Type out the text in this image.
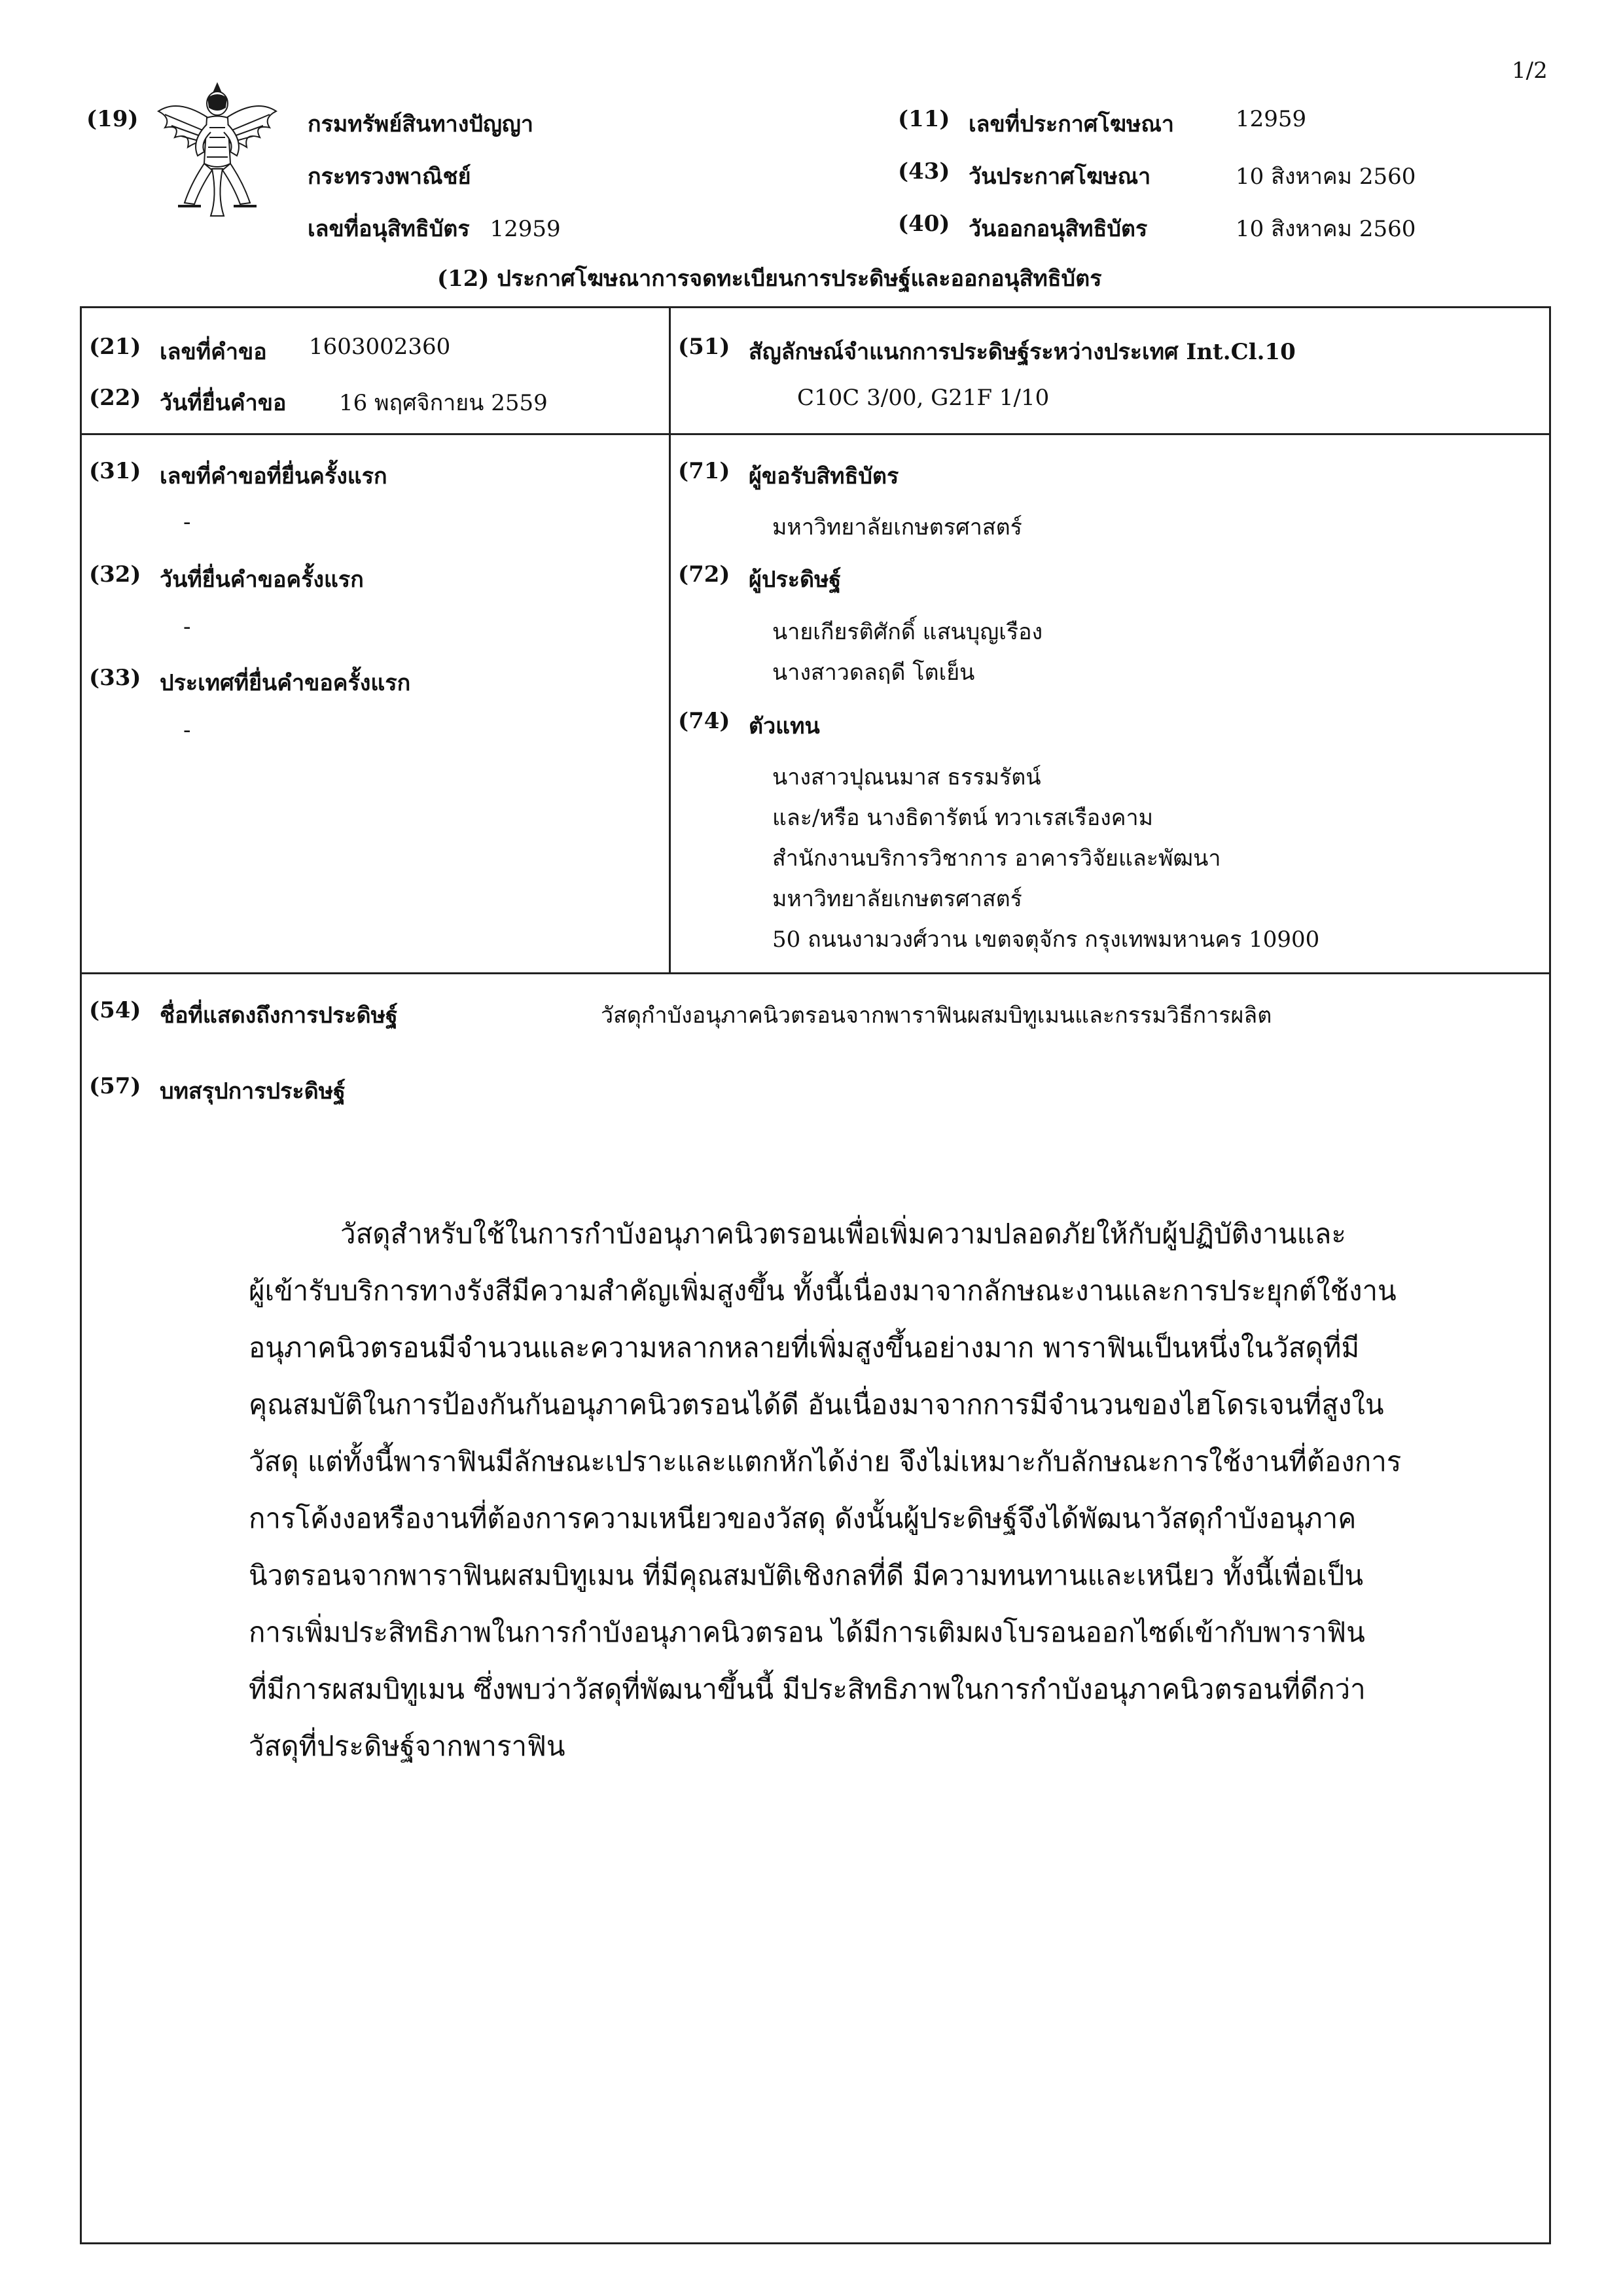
1/2
(19)	กรมทรัพย์สินทางปัญญา
กระทรวงพาณิชย์
เลขที่อนุสิทธิบัตร 12959
(11) เลขที่ประกาศโฆษณา	12959
(43) วันประกาศโฆษณา	10 สิงหาคม 2560
(40) วันออกอนุสิทธิบัตร	10 สิงหาคม 2560
(12) ประกาศโฆษณาการจดทะเบียนการประดิษฐ์และออกอนุสิทธิบัตร
(21) เลขที่คำขอ 1603002360
(22) วันที่ยื่นคำขอ 16 พฤศจิกายน 2559
(51) สัญลักษณ์จำแนกการประดิษฐ์ระหว่างประเทศ Int.Cl.10
C10C 3/00, G21F 1/10
(31) เลขที่คำขอที่ยื่นครั้งแรก
-
(32) วันที่ยื่นคำขอครั้งแรก
-
(33) ประเทศที่ยื่นคำขอครั้งแรก
-
(71) ผู้ขอรับสิทธิบัตร
มหาวิทยาลัยเกษตรศาสตร์
(72) ผู้ประดิษฐ์
นายเกียรติศักดิ์ แสนบุญเรือง
นางสาวดลฤดี โตเย็น
(74) ตัวแทน
นางสาวปุณนมาส ธรรมรัตน์
และ/หรือ นางธิดารัตน์ ทวาเรสเรืองคาม
สำนักงานบริการวิชาการ อาคารวิจัยและพัฒนา
มหาวิทยาลัยเกษตรศาสตร์
50 ถนนงามวงศ์วาน เขตจตุจักร กรุงเทพมหานคร 10900
(54) ชื่อที่แสดงถึงการประดิษฐ์	วัสดุกำบังอนุภาคนิวตรอนจากพาราฟินผสมบิทูเมนและกรรมวิธีการผลิต
(57) บทสรุปการประดิษฐ์

วัสดุสำหรับใช้ในการกำบังอนุภาคนิวตรอนเพื่อเพิ่มความปลอดภัยให้กับผู้ปฏิบัติงานและ

ผู้เข้ารับบริการทางรังสีมีความสำคัญเพิ่มสูงขึ้น ทั้งนี้เนื่องมาจากลักษณะงานและการประยุกต์ใช้งาน

อนุภาคนิวตรอนมีจำนวนและความหลากหลายที่เพิ่มสูงขึ้นอย่างมาก พาราฟินเป็นหนึ่งในวัสดุที่มี

คุณสมบัติในการป้องกันกันอนุภาคนิวตรอนได้ดี อันเนื่องมาจากการมีจำนวนของไฮโดรเจนที่สูงใน

วัสดุ แต่ทั้งนี้พาราฟินมีลักษณะเปราะและแตกหักได้ง่าย จึงไม่เหมาะกับลักษณะการใช้งานที่ต้องการ

การโค้งงอหรืองานที่ต้องการความเหนียวของวัสดุ ดังนั้นผู้ประดิษฐ์จึงได้พัฒนาวัสดุกำบังอนุภาค

นิวตรอนจากพาราฟินผสมบิทูเมน ที่มีคุณสมบัติเชิงกลที่ดี มีความทนทานและเหนียว ทั้งนี้เพื่อเป็น

การเพิ่มประสิทธิภาพในการกำบังอนุภาคนิวตรอน ได้มีการเติมผงโบรอนออกไซด์เข้ากับพาราฟิน

ที่มีการผสมบิทูเมน ซึ่งพบว่าวัสดุที่พัฒนาขึ้นนี้ มีประสิทธิภาพในการกำบังอนุภาคนิวตรอนที่ดีกว่า

วัสดุที่ประดิษฐ์จากพาราฟิน
